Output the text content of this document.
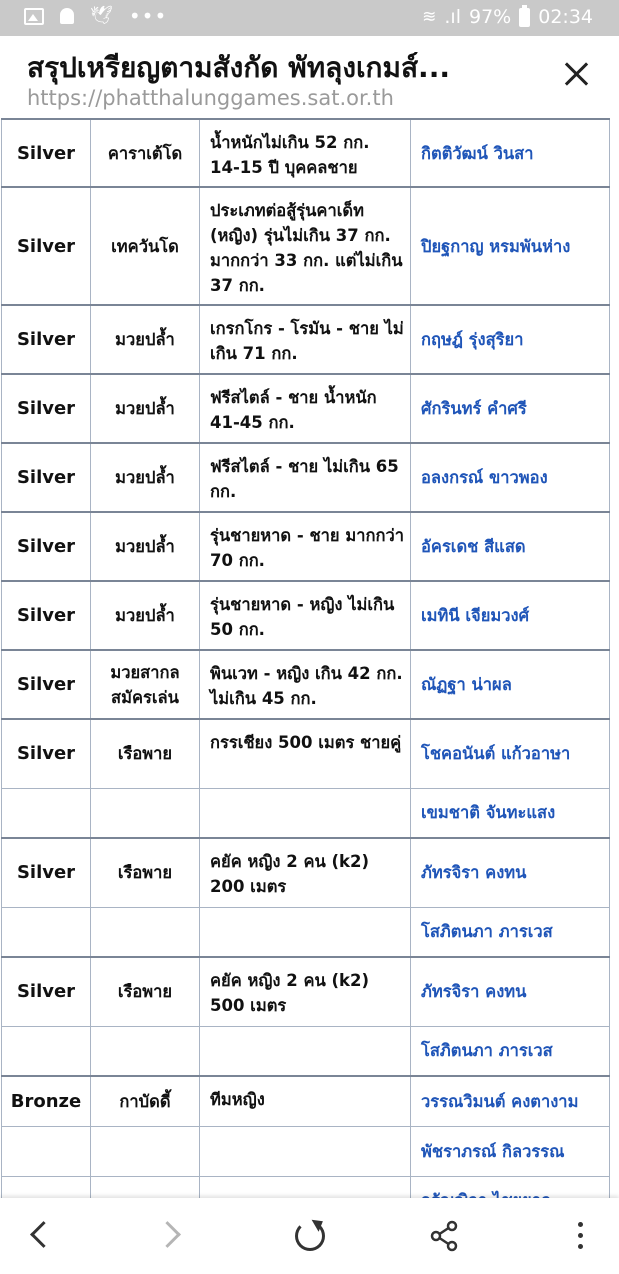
🕊 •••	≋ .ıl 97% 02:34
สรุปเหรียญตามสังกัด พัทลุงเกมส์...
https://phatthalunggames.sat.or.th
Silver	คาราเต้โด	น้ำหนักไม่เกิน 52 กก. 14-15 ปี บุคคลชาย	กิตติวัฒน์ วินสา
Silver	เทควันโด	ประเภทต่อสู้รุ่นคาเด็ท (หญิง) รุ่นไม่เกิน 37 กก. มากกว่า 33 กก. แต่ไม่เกิน 37 กก.	ปิยฐกาญ หรมพันห่าง
Silver	มวยปล้ำ	เกรกโกร - โรมัน - ชาย ไม่เกิน 71 กก.	กฤษฎ์ รุ่งสุริยา
Silver	มวยปล้ำ	ฟรีสไตล์ - ชาย น้ำหนัก 41-45 กก.	ศักรินทร์ คำศรี
Silver	มวยปล้ำ	ฟรีสไตล์ - ชาย ไม่เกิน 65 กก.	อลงกรณ์ ขาวพอง
Silver	มวยปล้ำ	รุ่นชายหาด - ชาย มากกว่า 70 กก.	อัครเดช สีแสด
Silver	มวยปล้ำ	รุ่นชายหาด - หญิง ไม่เกิน 50 กก.	เมทินี เจียมวงศ์
Silver	มวยสากลสมัครเล่น	พินเวท - หญิง เกิน 42 กก. ไม่เกิน 45 กก.	ณัฏฐา น่าผล
Silver	เรือพาย	กรรเชียง 500 เมตร ชายคู่	โชคอนันต์ แก้วอาษา
			เขมชาติ จันทะแสง
Silver	เรือพาย	คยัค หญิง 2 คน (k2) 200 เมตร	ภัทรจิรา คงทน
			โสภิตนภา ภารเวส
Silver	เรือพาย	คยัค หญิง 2 คน (k2) 500 เมตร	ภัทรจิรา คงทน
			โสภิตนภา ภารเวส
Bronze	กาบัดดี้	ทีมหญิง	วรรณวิมนต์ คงตางาม
			พัชราภรณ์ กิลวรรณ
